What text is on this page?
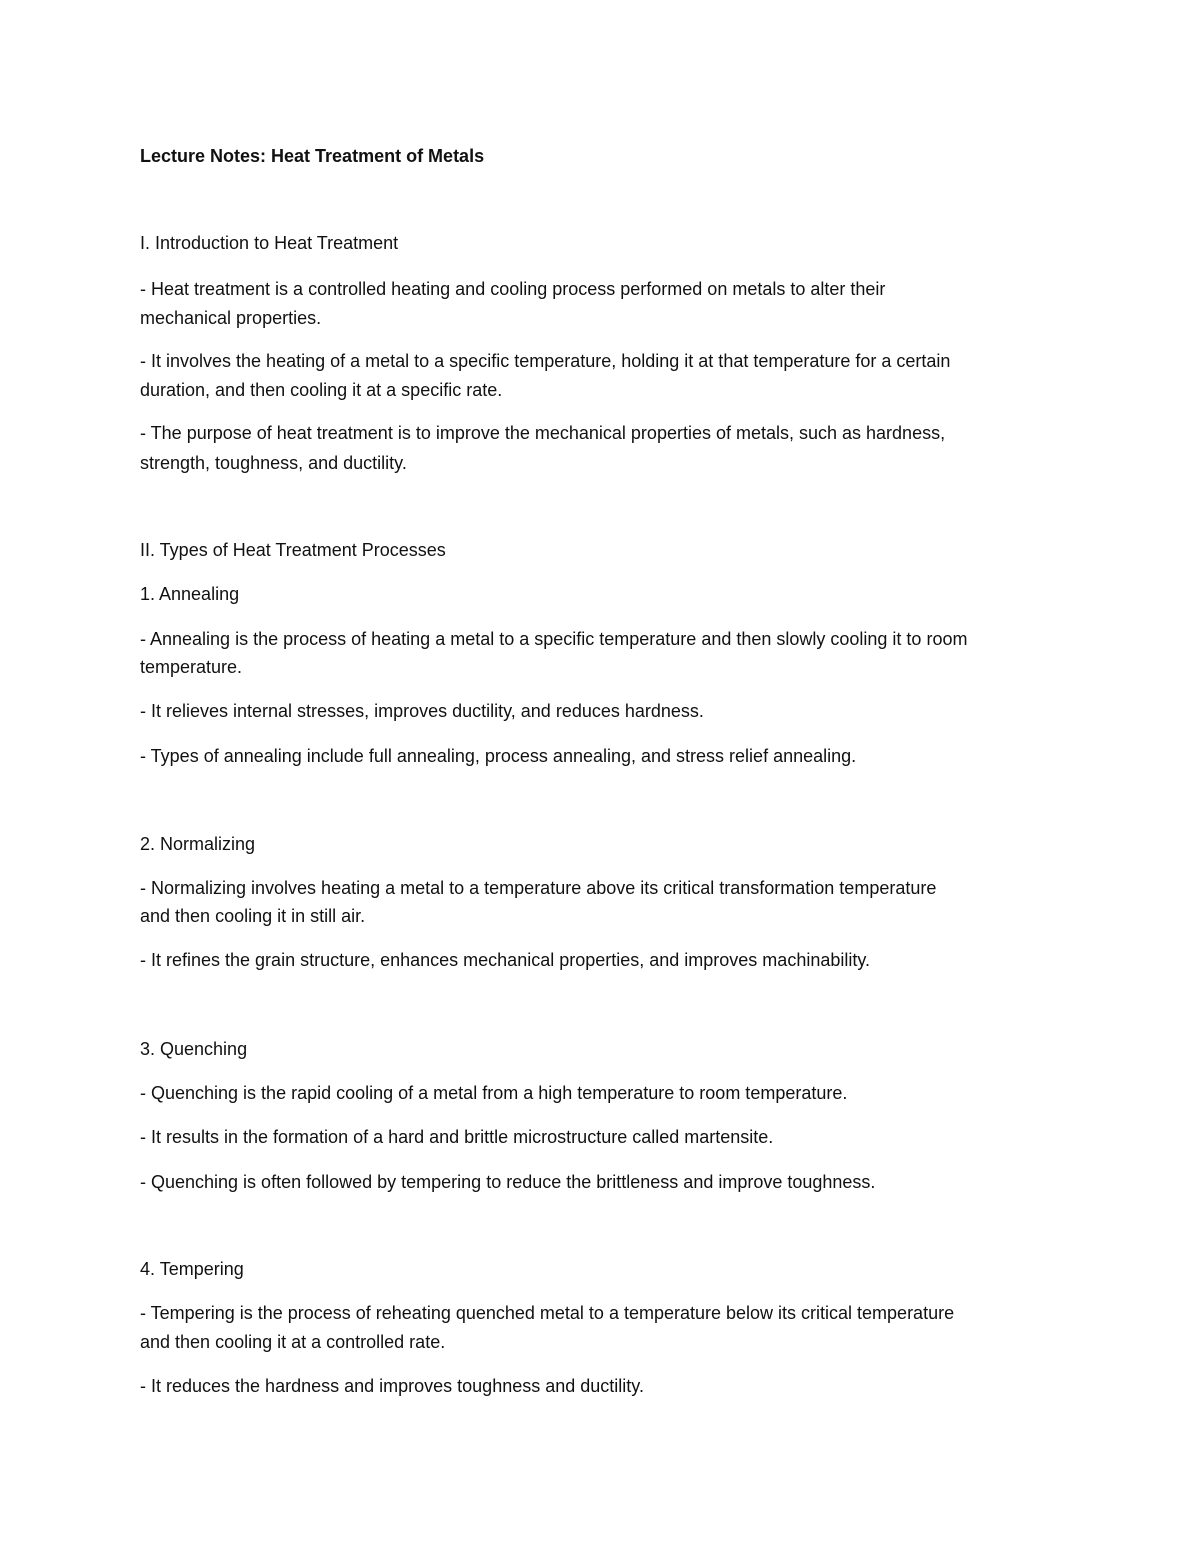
Lecture Notes: Heat Treatment of Metals
I. Introduction to Heat Treatment
- Heat treatment is a controlled heating and cooling process performed on metals to alter their
mechanical properties.
- It involves the heating of a metal to a specific temperature, holding it at that temperature for a certain
duration, and then cooling it at a specific rate.
- The purpose of heat treatment is to improve the mechanical properties of metals, such as hardness,
strength, toughness, and ductility.
II. Types of Heat Treatment Processes
1. Annealing
- Annealing is the process of heating a metal to a specific temperature and then slowly cooling it to room
temperature.
- It relieves internal stresses, improves ductility, and reduces hardness.
- Types of annealing include full annealing, process annealing, and stress relief annealing.
2. Normalizing
- Normalizing involves heating a metal to a temperature above its critical transformation temperature
and then cooling it in still air.
- It refines the grain structure, enhances mechanical properties, and improves machinability.
3. Quenching
- Quenching is the rapid cooling of a metal from a high temperature to room temperature.
- It results in the formation of a hard and brittle microstructure called martensite.
- Quenching is often followed by tempering to reduce the brittleness and improve toughness.
4. Tempering
- Tempering is the process of reheating quenched metal to a temperature below its critical temperature
and then cooling it at a controlled rate.
- It reduces the hardness and improves toughness and ductility.
